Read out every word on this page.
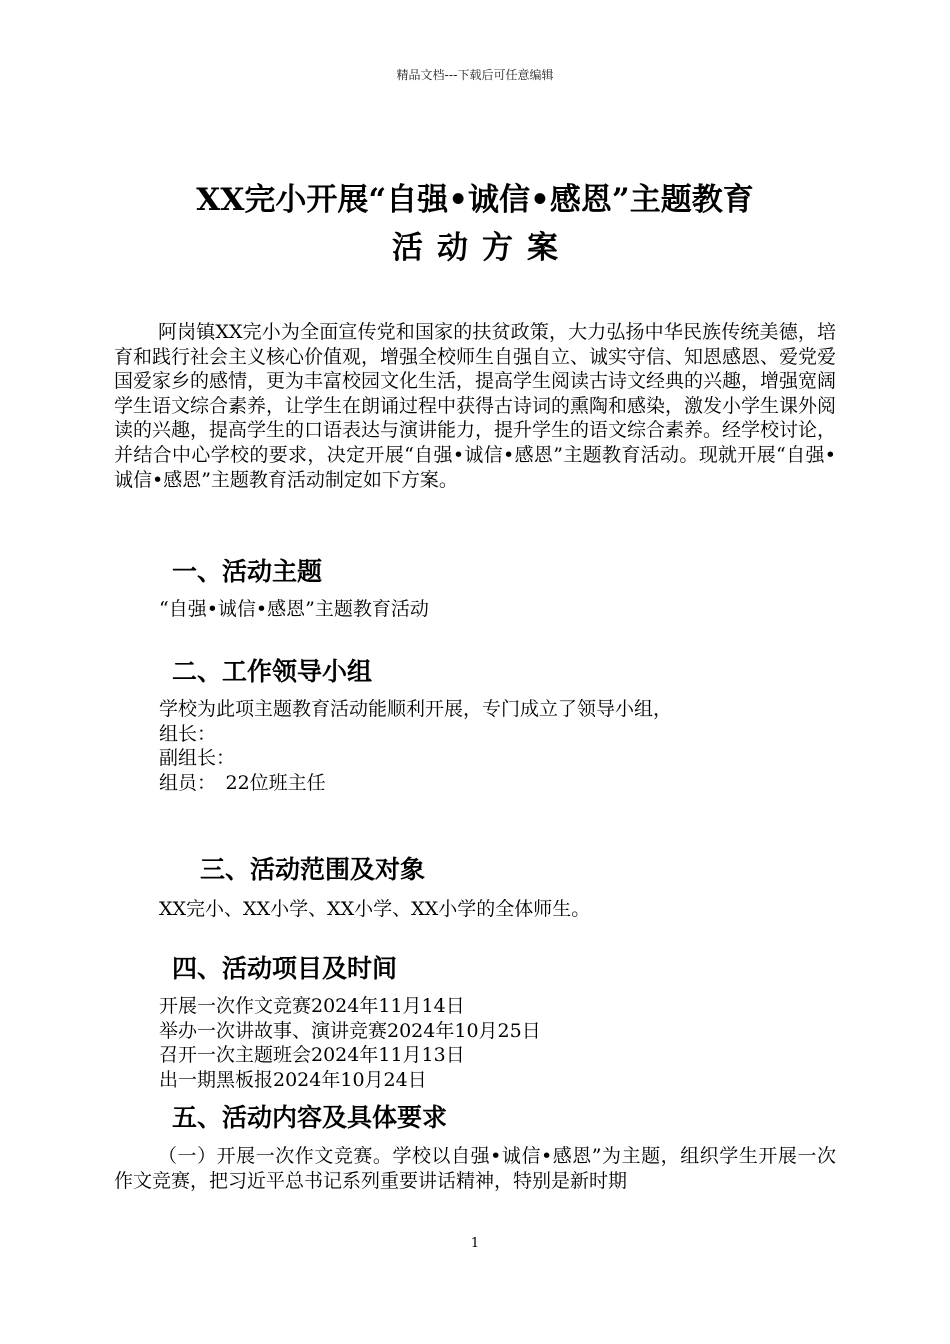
精品文档---下载后可任意编辑
XX完小开展“自强•诚信•感恩”主题教育
活动方案
阿岗镇XX完小为全面宣传党和国家的扶贫政策，大力弘扬中华民族传统美德，培育和践行社会主义核心价值观，增强全校师生自强自立、诚实守信、知恩感恩、爱党爱国爱家乡的感情，更为丰富校园文化生活，提高学生阅读古诗文经典的兴趣，增强宽阔学生语文综合素养，让学生在朗诵过程中获得古诗词的熏陶和感染，激发小学生课外阅读的兴趣，提高学生的口语表达与演讲能力，提升学生的语文综合素养。经学校讨论，并结合中心学校的要求，决定开展“自强•诚信•感恩”主题教育活动。现就开展“自强•诚信•感恩”主题教育活动制定如下方案。
一、活动主题
“自强•诚信•感恩”主题教育活动
二、工作领导小组
学校为此项主题教育活动能顺利开展，专门成立了领导小组，
组长：
副组长：
组员：　22位班主任
三、活动范围及对象
XX完小、XX小学、XX小学、XX小学的全体师生。
四、活动项目及时间
开展一次作文竞赛2024年11月14日
举办一次讲故事、演讲竞赛2024年10月25日
召开一次主题班会2024年11月13日
出一期黑板报2024年10月24日
五、活动内容及具体要求
（一）开展一次作文竞赛。学校以自强•诚信•感恩”为主题，组织学生开展一次作文竞赛，把习近平总书记系列重要讲话精神，特别是新时期
1
